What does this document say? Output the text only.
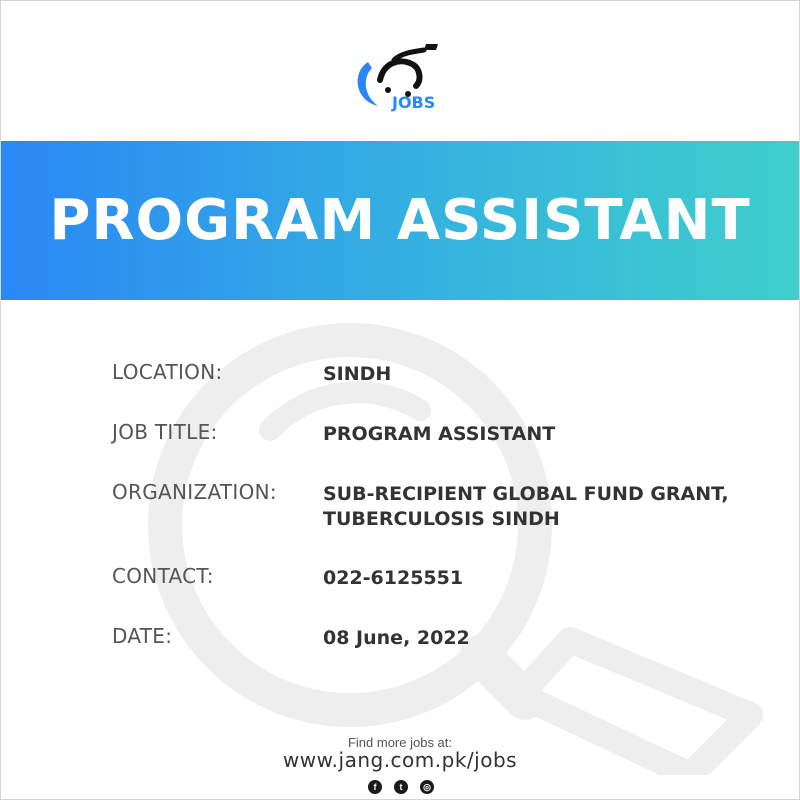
JOBS
PROGRAM ASSISTANT
LOCATION:	SINDH
JOB TITLE:	PROGRAM ASSISTANT
ORGANIZATION:	SUB-RECIPIENT GLOBAL FUND GRANT, TUBERCULOSIS SINDH
CONTACT:	022-6125551
DATE:	08 June, 2022
Find more jobs at:
www.jang.com.pk/jobs
f	t	◎
